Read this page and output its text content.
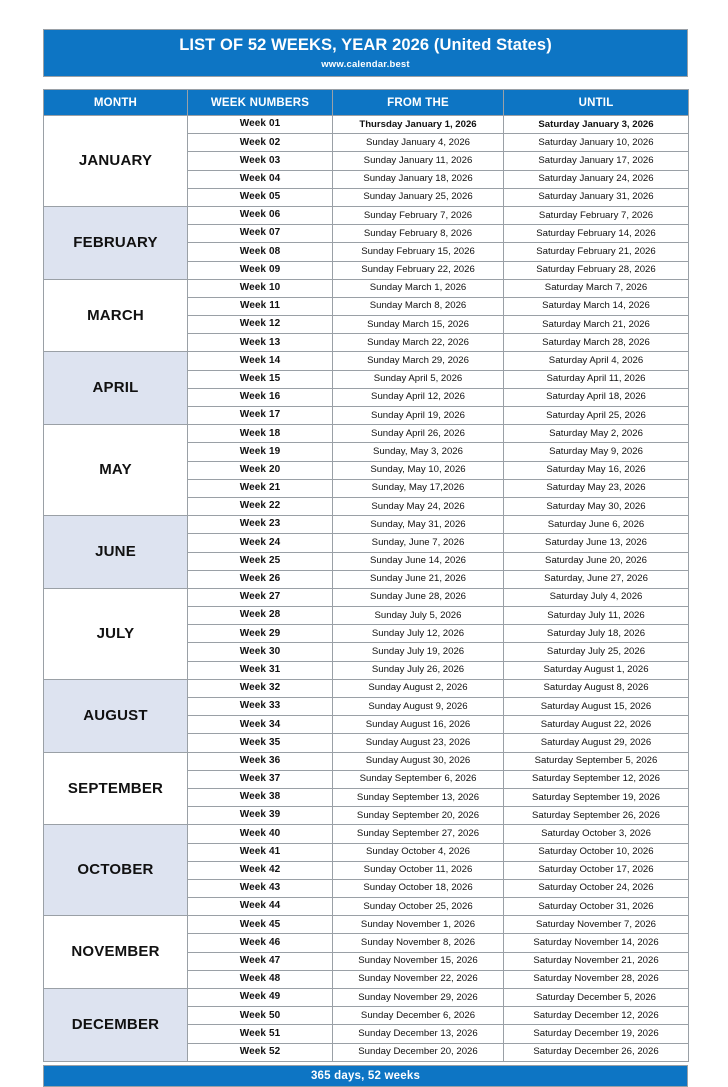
LIST OF 52 WEEKS, YEAR 2026 (United States)
www.calendar.best
MONTH	WEEK NUMBERS	FROM THE	UNTIL
JANUARY	Week 01	Thursday January 1, 2026	Saturday January 3, 2026
	Week 02	Sunday January 4, 2026	Saturday January 10, 2026
	Week 03	Sunday January 11, 2026	Saturday January 17, 2026
	Week 04	Sunday January 18, 2026	Saturday January 24, 2026
	Week 05	Sunday January 25, 2026	Saturday January 31, 2026
FEBRUARY	Week 06	Sunday February 7, 2026	Saturday February 7, 2026
	Week 07	Sunday February 8, 2026	Saturday February 14, 2026
	Week 08	Sunday February 15, 2026	Saturday February 21, 2026
	Week 09	Sunday February 22, 2026	Saturday February 28, 2026
MARCH	Week 10	Sunday March 1, 2026	Saturday March 7, 2026
	Week 11	Sunday March 8, 2026	Saturday March 14, 2026
	Week 12	Sunday March 15, 2026	Saturday March 21, 2026
	Week 13	Sunday March 22, 2026	Saturday March 28, 2026
APRIL	Week 14	Sunday March 29, 2026	Saturday April 4, 2026
	Week 15	Sunday April 5, 2026	Saturday April 11, 2026
	Week 16	Sunday April 12, 2026	Saturday April 18, 2026
	Week 17	Sunday April 19, 2026	Saturday April 25, 2026
MAY	Week 18	Sunday April 26, 2026	Saturday May 2, 2026
	Week 19	Sunday, May 3, 2026	Saturday May 9, 2026
	Week 20	Sunday, May 10, 2026	Saturday May 16, 2026
	Week 21	Sunday, May 17,2026	Saturday May 23, 2026
	Week 22	Sunday May 24, 2026	Saturday May 30, 2026
JUNE	Week 23	Sunday, May 31, 2026	Saturday June 6, 2026
	Week 24	Sunday, June 7, 2026	Saturday June 13, 2026
	Week 25	Sunday June 14, 2026	Saturday June 20, 2026
	Week 26	Sunday June 21, 2026	Saturday, June 27, 2026
JULY	Week 27	Sunday June 28, 2026	Saturday July 4, 2026
	Week 28	Sunday July 5, 2026	Saturday July 11, 2026
	Week 29	Sunday July 12, 2026	Saturday July 18, 2026
	Week 30	Sunday July 19, 2026	Saturday July 25, 2026
	Week 31	Sunday July 26, 2026	Saturday August 1, 2026
AUGUST	Week 32	Sunday August 2, 2026	Saturday August 8, 2026
	Week 33	Sunday August 9, 2026	Saturday August 15, 2026
	Week 34	Sunday August 16, 2026	Saturday August 22, 2026
	Week 35	Sunday August 23, 2026	Saturday August 29, 2026
SEPTEMBER	Week 36	Sunday August 30, 2026	Saturday September 5, 2026
	Week 37	Sunday September 6, 2026	Saturday September 12, 2026
	Week 38	Sunday September 13, 2026	Saturday September 19, 2026
	Week 39	Sunday September 20, 2026	Saturday September 26, 2026
OCTOBER	Week 40	Sunday September 27, 2026	Saturday October 3, 2026
	Week 41	Sunday October 4, 2026	Saturday October 10, 2026
	Week 42	Sunday October 11, 2026	Saturday October 17, 2026
	Week 43	Sunday October 18, 2026	Saturday October 24, 2026
	Week 44	Sunday October 25, 2026	Saturday October 31, 2026
NOVEMBER	Week 45	Sunday November 1, 2026	Saturday November 7, 2026
	Week 46	Sunday November 8, 2026	Saturday November 14, 2026
	Week 47	Sunday November 15, 2026	Saturday November 21, 2026
	Week 48	Sunday November 22, 2026	Saturday November 28, 2026
DECEMBER	Week 49	Sunday November 29, 2026	Saturday December 5, 2026
	Week 50	Sunday December 6, 2026	Saturday December 12, 2026
	Week 51	Sunday December 13, 2026	Saturday December 19, 2026
	Week 52	Sunday December 20, 2026	Saturday December 26, 2026
365 days, 52 weeks
